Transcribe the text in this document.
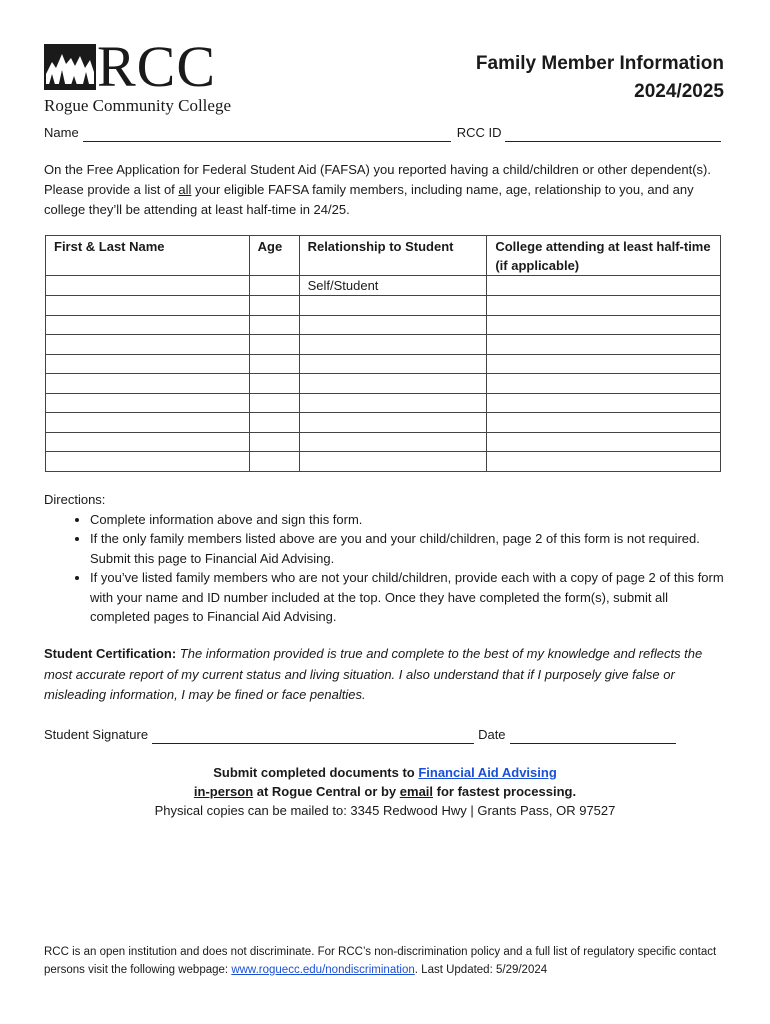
RCC
Rogue Community College
Family Member Information
2024/2025
Name	RCC ID
On the Free Application for Federal Student Aid (FAFSA) you reported having a child/children or other dependent(s). Please provide a list of all your eligible FAFSA family members, including name, age, relationship to you, and any college they’ll be attending at least half-time in 24/25.
First & Last Name	Age	Relationship to Student	College attending at least half-time (if applicable)
		Self/Student	

Directions:
• Complete information above and sign this form.
• If the only family members listed above are you and your child/children, page 2 of this form is not required. Submit this page to Financial Aid Advising.
• If you’ve listed family members who are not your child/children, provide each with a copy of page 2 of this form with your name and ID number included at the top. Once they have completed the form(s), submit all completed pages to Financial Aid Advising.
Student Certification: The information provided is true and complete to the best of my knowledge and reflects the most accurate report of my current status and living situation. I also understand that if I purposely give false or misleading information, I may be fined or face penalties.
Student Signature	Date
Submit completed documents to Financial Aid Advising
in-person at Rogue Central or by email for fastest processing.
Physical copies can be mailed to: 3345 Redwood Hwy | Grants Pass, OR 97527
RCC is an open institution and does not discriminate. For RCC’s non-discrimination policy and a full list of regulatory specific contact persons visit the following webpage: www.roguecc.edu/nondiscrimination. Last Updated: 5/29/2024
